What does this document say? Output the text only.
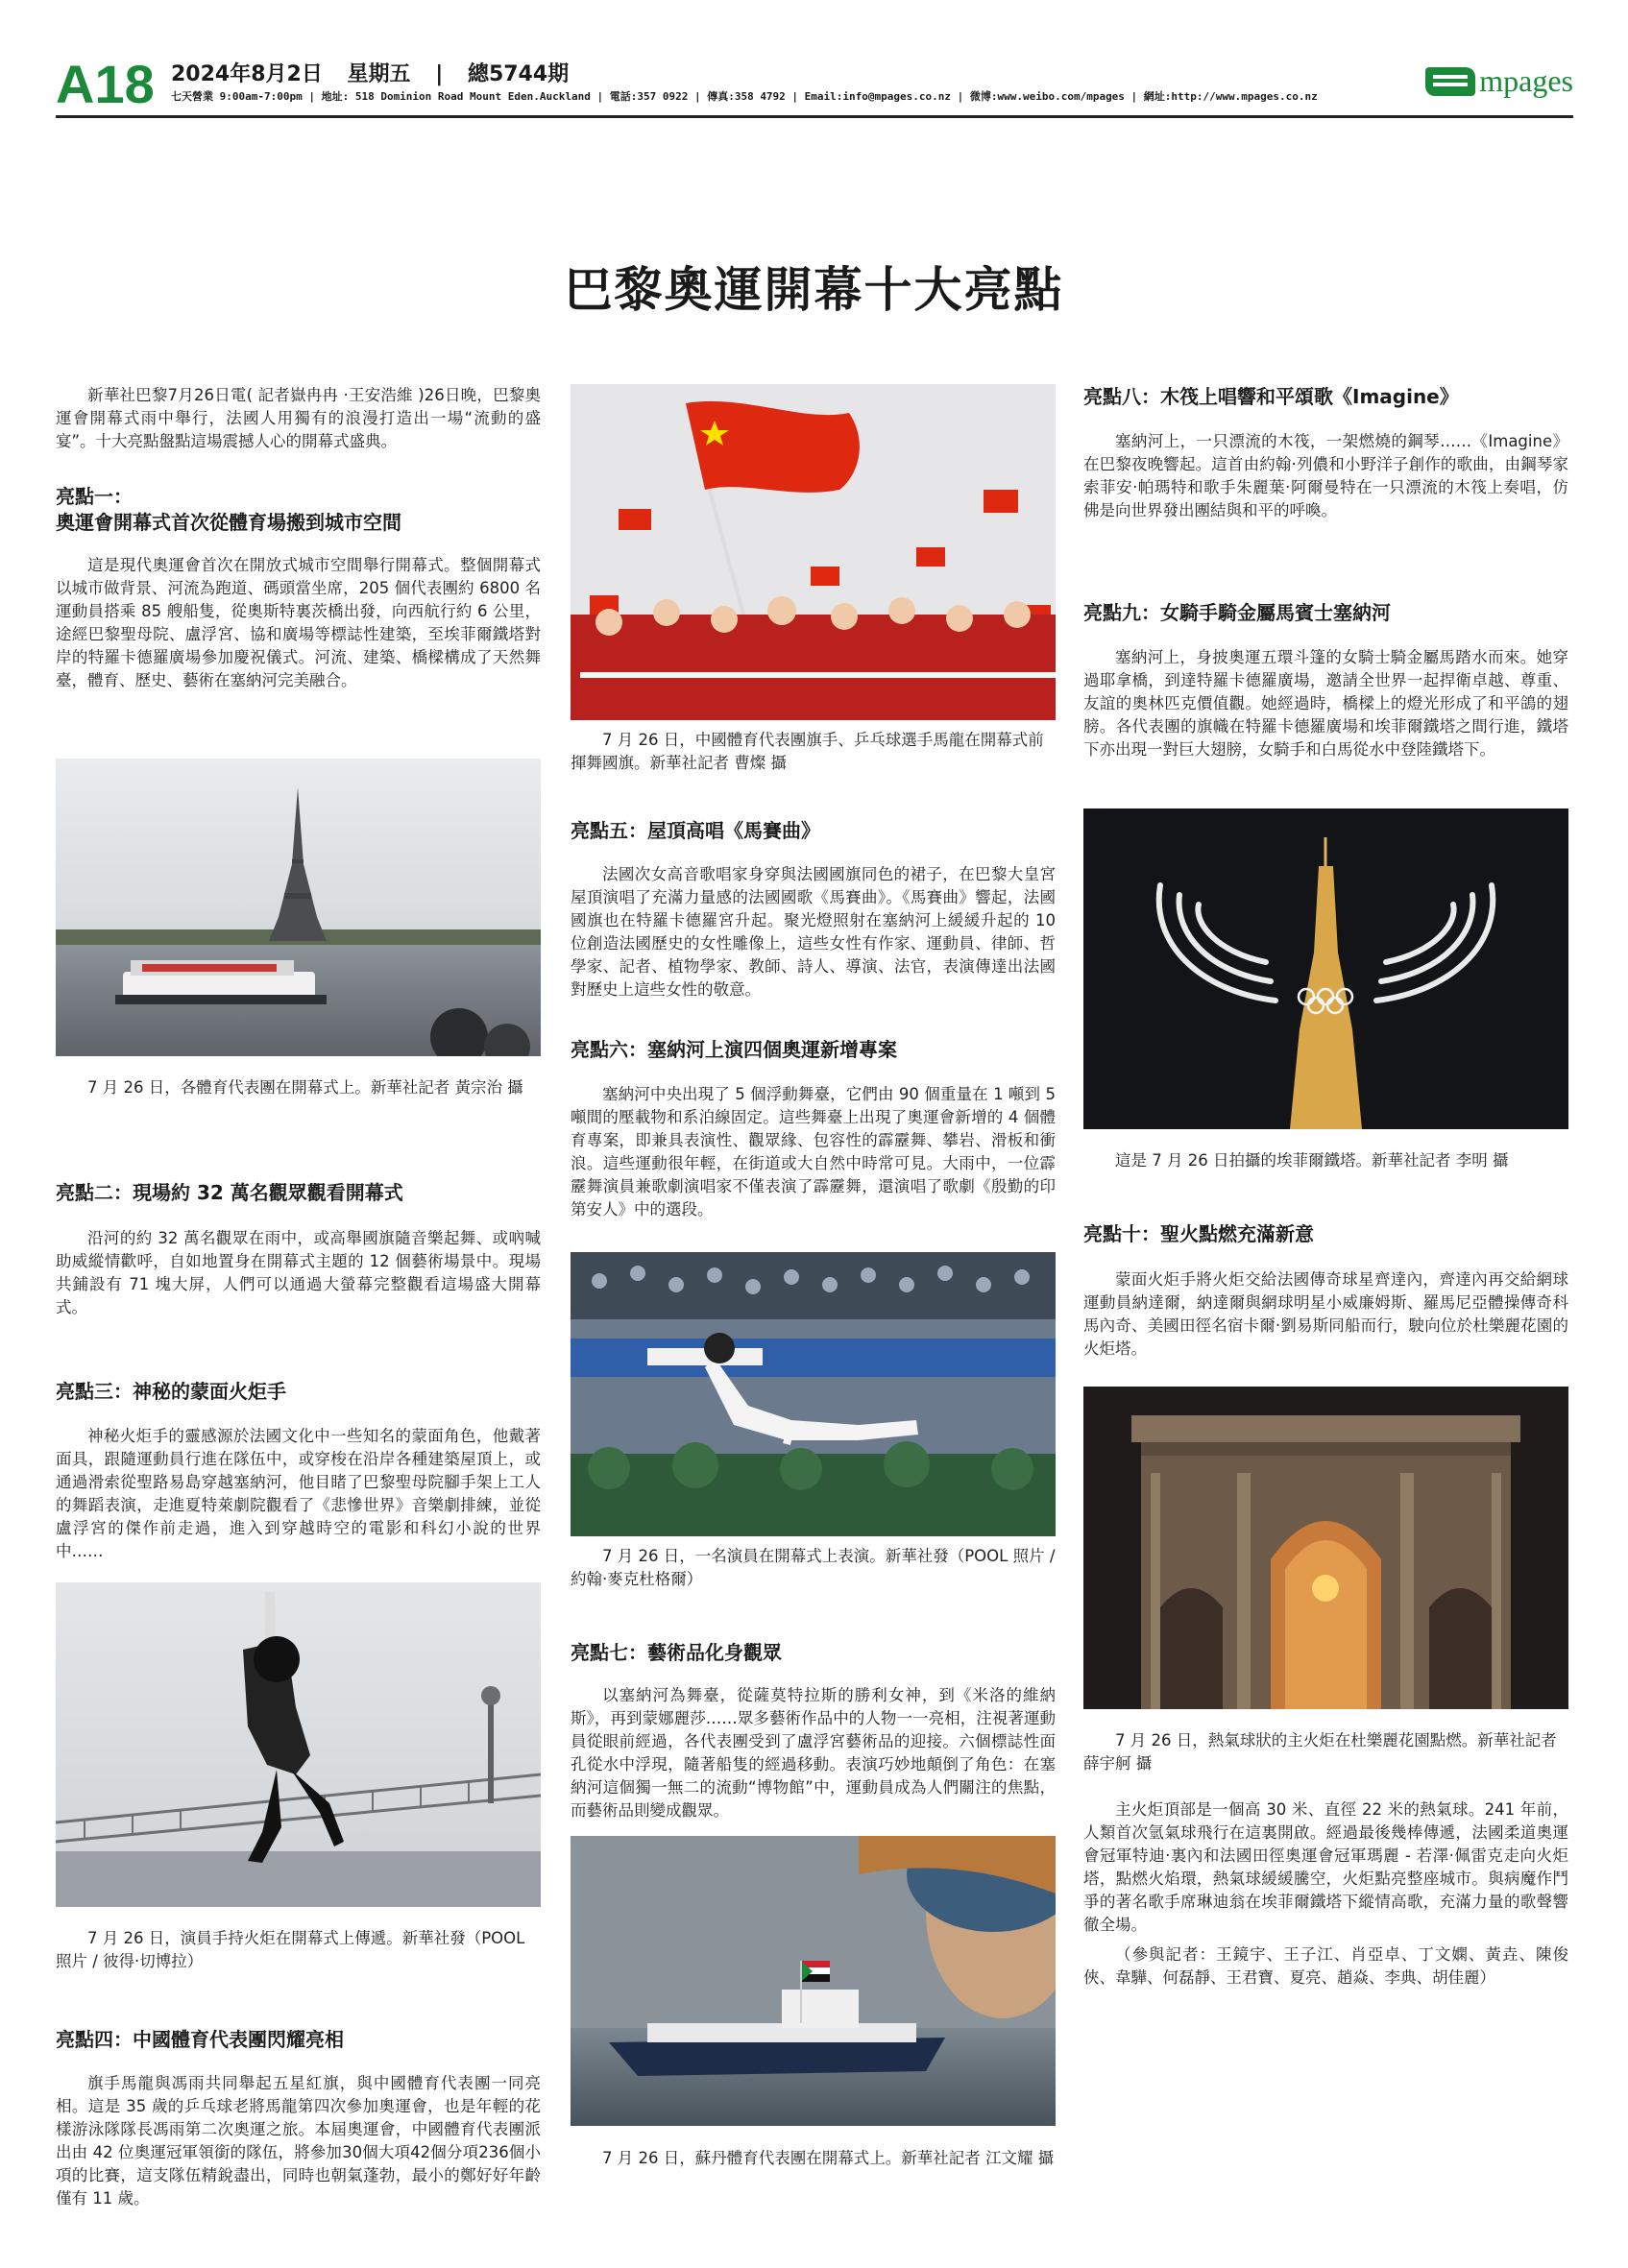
A18 2024年8月2日 星期五 | 總5744期
七天營業 9:00am-7:00pm | 地址: 518 Dominion Road Mount Eden.Auckland | 電話:357 0922 | 傳真:358 4792 | Email:info@mpages.co.nz | 微博:www.weibo.com/mpages | 網址:http://www.mpages.co.nz	mpages
巴黎奧運開幕十大亮點

新華社巴黎7月26日電( 記者嶽冉冉 ‧王安浩維 )26日晚，巴黎奧運會開幕式雨中舉行，法國人用獨有的浪漫打造出一場“流動的盛宴”。十大亮點盤點這場震撼人心的開幕式盛典。

亮點一：
奧運會開幕式首次從體育場搬到城市空間

這是現代奧運會首次在開放式城市空間舉行開幕式。整個開幕式以城市做背景、河流為跑道、碼頭當坐席，205 個代表團約 6800 名運動員搭乘 85 艘船隻，從奧斯特裏茨橋出發，向西航行約 6 公里，途經巴黎聖母院、盧浮宮、協和廣場等標誌性建築，至埃菲爾鐵塔對岸的特羅卡德羅廣場參加慶祝儀式。河流、建築、橋樑構成了天然舞臺，體育、歷史、藝術在塞納河完美融合。

7 月 26 日，各體育代表團在開幕式上。新華社記者 黃宗治 攝

亮點二：現場約 32 萬名觀眾觀看開幕式

沿河的約 32 萬名觀眾在雨中，或高舉國旗隨音樂起舞、或吶喊助威縱情歡呼，自如地置身在開幕式主題的 12 個藝術場景中。現場共鋪設有 71 塊大屏，人們可以通過大螢幕完整觀看這場盛大開幕式。

亮點三：神秘的蒙面火炬手

神秘火炬手的靈感源於法國文化中一些知名的蒙面角色，他戴著面具，跟隨運動員行進在隊伍中，或穿梭在沿岸各種建築屋頂上，或通過滑索從聖路易島穿越塞納河，他目睹了巴黎聖母院腳手架上工人的舞蹈表演，走進夏特萊劇院觀看了《悲慘世界》音樂劇排練，並從盧浮宮的傑作前走過，進入到穿越時空的電影和科幻小說的世界中……

7 月 26 日，演員手持火炬在開幕式上傳遞。新華社發（POOL 照片 / 彼得‧切博拉）

亮點四：中國體育代表團閃耀亮相

旗手馬龍與馮雨共同舉起五星紅旗，與中國體育代表團一同亮相。這是 35 歲的乒乓球老將馬龍第四次參加奧運會，也是年輕的花樣游泳隊隊長馮雨第二次奧運之旅。本屆奧運會，中國體育代表團派出由 42 位奧運冠軍領銜的隊伍，將參加30個大項42個分項236個小項的比賽，這支隊伍精銳盡出，同時也朝氣蓬勃，最小的鄭好好年齡僅有 11 歲。

7 月 26 日，中國體育代表團旗手、乒乓球選手馬龍在開幕式前揮舞國旗。新華社記者 曹燦 攝

亮點五：屋頂高唱《馬賽曲》

法國次女高音歌唱家身穿與法國國旗同色的裙子，在巴黎大皇宮屋頂演唱了充滿力量感的法國國歌《馬賽曲》。《馬賽曲》響起，法國國旗也在特羅卡德羅宮升起。聚光燈照射在塞納河上緩緩升起的 10 位創造法國歷史的女性雕像上，這些女性有作家、運動員、律師、哲學家、記者、植物學家、教師、詩人、導演、法官，表演傳達出法國對歷史上這些女性的敬意。

亮點六：塞納河上演四個奧運新增專案

塞納河中央出現了 5 個浮動舞臺，它們由 90 個重量在 1 噸到 5 噸間的壓載物和系泊線固定。這些舞臺上出現了奧運會新增的 4 個體育專案，即兼具表演性、觀眾緣、包容性的霹靂舞、攀岩、滑板和衝浪。這些運動很年輕，在街道或大自然中時常可見。大雨中，一位霹靂舞演員兼歌劇演唱家不僅表演了霹靂舞，還演唱了歌劇《殷勤的印第安人》中的選段。

7 月 26 日，一名演員在開幕式上表演。新華社發（POOL 照片 / 約翰‧麥克杜格爾）

亮點七：藝術品化身觀眾

以塞納河為舞臺，從薩莫特拉斯的勝利女神，到《米洛的維納斯》，再到蒙娜麗莎……眾多藝術作品中的人物一一亮相，注視著運動員從眼前經過，各代表團受到了盧浮宮藝術品的迎接。六個標誌性面孔從水中浮現，隨著船隻的經過移動。表演巧妙地顛倒了角色：在塞納河這個獨一無二的流動“博物館”中，運動員成為人們關注的焦點，而藝術品則變成觀眾。

7 月 26 日，蘇丹體育代表團在開幕式上。新華社記者 江文耀 攝

亮點八：木筏上唱響和平頌歌《Imagine》

塞納河上，一只漂流的木筏，一架燃燒的鋼琴……《Imagine》在巴黎夜晚響起。這首由約翰‧列儂和小野洋子創作的歌曲，由鋼琴家索菲安‧帕瑪特和歌手朱麗葉‧阿爾曼特在一只漂流的木筏上奏唱，仿佛是向世界發出團結與和平的呼喚。

亮點九：女騎手騎金屬馬賓士塞納河

塞納河上，身披奧運五環斗篷的女騎士騎金屬馬踏水而來。她穿過耶拿橋，到達特羅卡德羅廣場，邀請全世界一起捍衛卓越、尊重、友誼的奧林匹克價值觀。她經過時，橋樑上的燈光形成了和平鴿的翅膀。各代表團的旗幟在特羅卡德羅廣場和埃菲爾鐵塔之間行進，鐵塔下亦出現一對巨大翅膀，女騎手和白馬從水中登陸鐵塔下。

這是 7 月 26 日拍攝的埃菲爾鐵塔。新華社記者 李明 攝

亮點十：聖火點燃充滿新意

蒙面火炬手將火炬交給法國傳奇球星齊達內，齊達內再交給網球運動員納達爾，納達爾與網球明星小威廉姆斯、羅馬尼亞體操傳奇科馬內奇、美國田徑名宿卡爾‧劉易斯同船而行，駛向位於杜樂麗花園的火炬塔。

7 月 26 日，熱氣球狀的主火炬在杜樂麗花園點燃。新華社記者 薛宇舸 攝

主火炬頂部是一個高 30 米、直徑 22 米的熱氣球。241 年前，人類首次氫氣球飛行在這裏開啟。經過最後幾棒傳遞，法國柔道奧運會冠軍特迪‧裏內和法國田徑奧運會冠軍瑪麗 - 若澤‧佩雷克走向火炬塔，點燃火焰環，熱氣球緩緩騰空，火炬點亮整座城市。與病魔作鬥爭的著名歌手席琳迪翁在埃菲爾鐵塔下縱情高歌，充滿力量的歌聲響徹全場。

（參與記者：王鏡宇、王子江、肖亞卓、丁文嫻、黃垚、陳俊俠、韋驊、何磊靜、王君寶、夏亮、趙焱、李典、胡佳麗）
